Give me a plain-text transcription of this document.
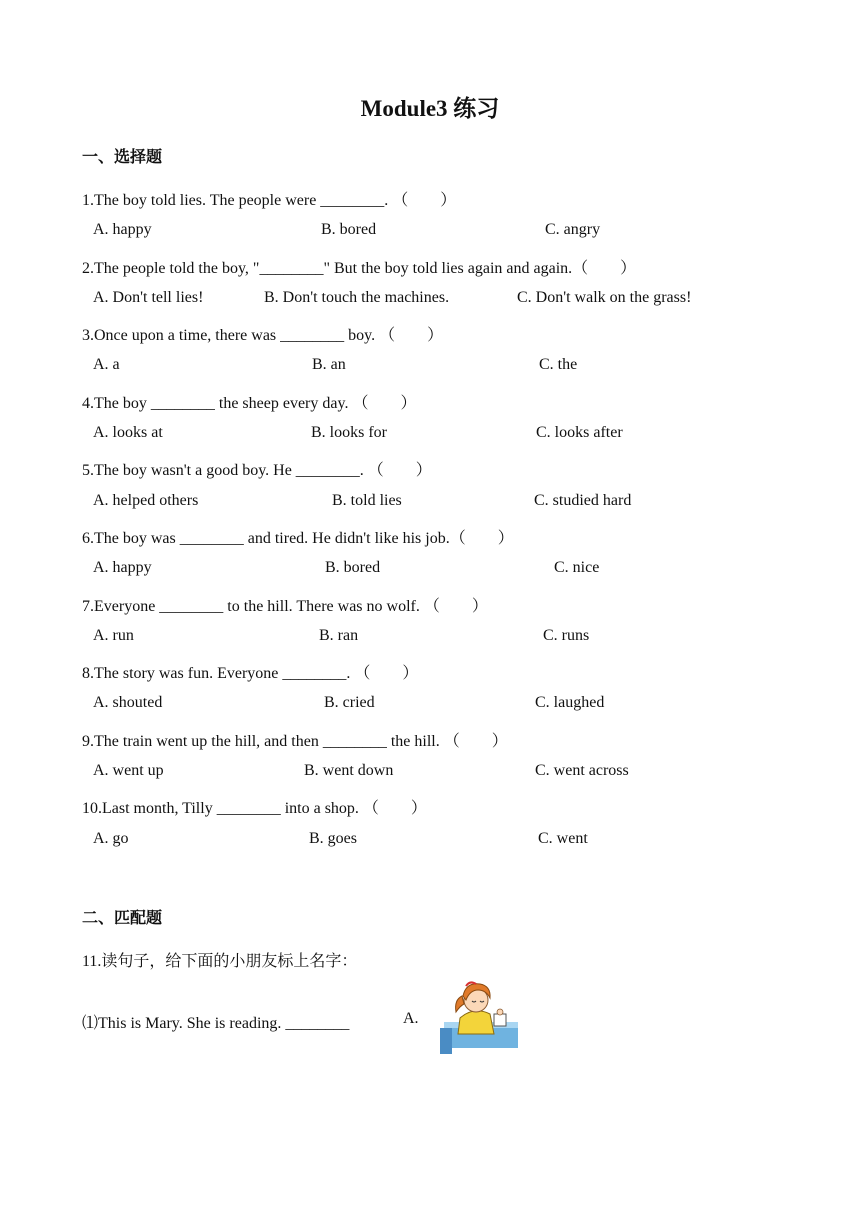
Module3 练习
一、选择题
1.The boy told lies. The people were ________. （　　）
A. happy	B. bored	C. angry
2.The people told the boy, "________" But the boy told lies again and again.（　　）
A. Don't tell lies!	B. Don't touch the machines.	C. Don't walk on the grass!
3.Once upon a time, there was ________ boy. （　　）
A. a	B. an	C. the
4.The boy ________ the sheep every day. （　　）
A. looks at	B. looks for	C. looks after
5.The boy wasn't a good boy. He ________. （　　）
A. helped others	B. told lies	C. studied hard
6.The boy was ________ and tired. He didn't like his job.（　　）
A. happy	B. bored	C. nice
7.Everyone ________ to the hill. There was no wolf. （　　）
A. run	B. ran	C. runs
8.The story was fun. Everyone ________. （　　）
A. shouted	B. cried	C. laughed
9.The train went up the hill, and then ________ the hill. （　　）
A. went up	B. went down	C. went across
10.Last month, Tilly ________ into a shop. （　　）
A. go	B. goes	C. went
二、匹配题
11.读句子，给下面的小朋友标上名字：
⑴This is Mary. She is reading. ________	A.
